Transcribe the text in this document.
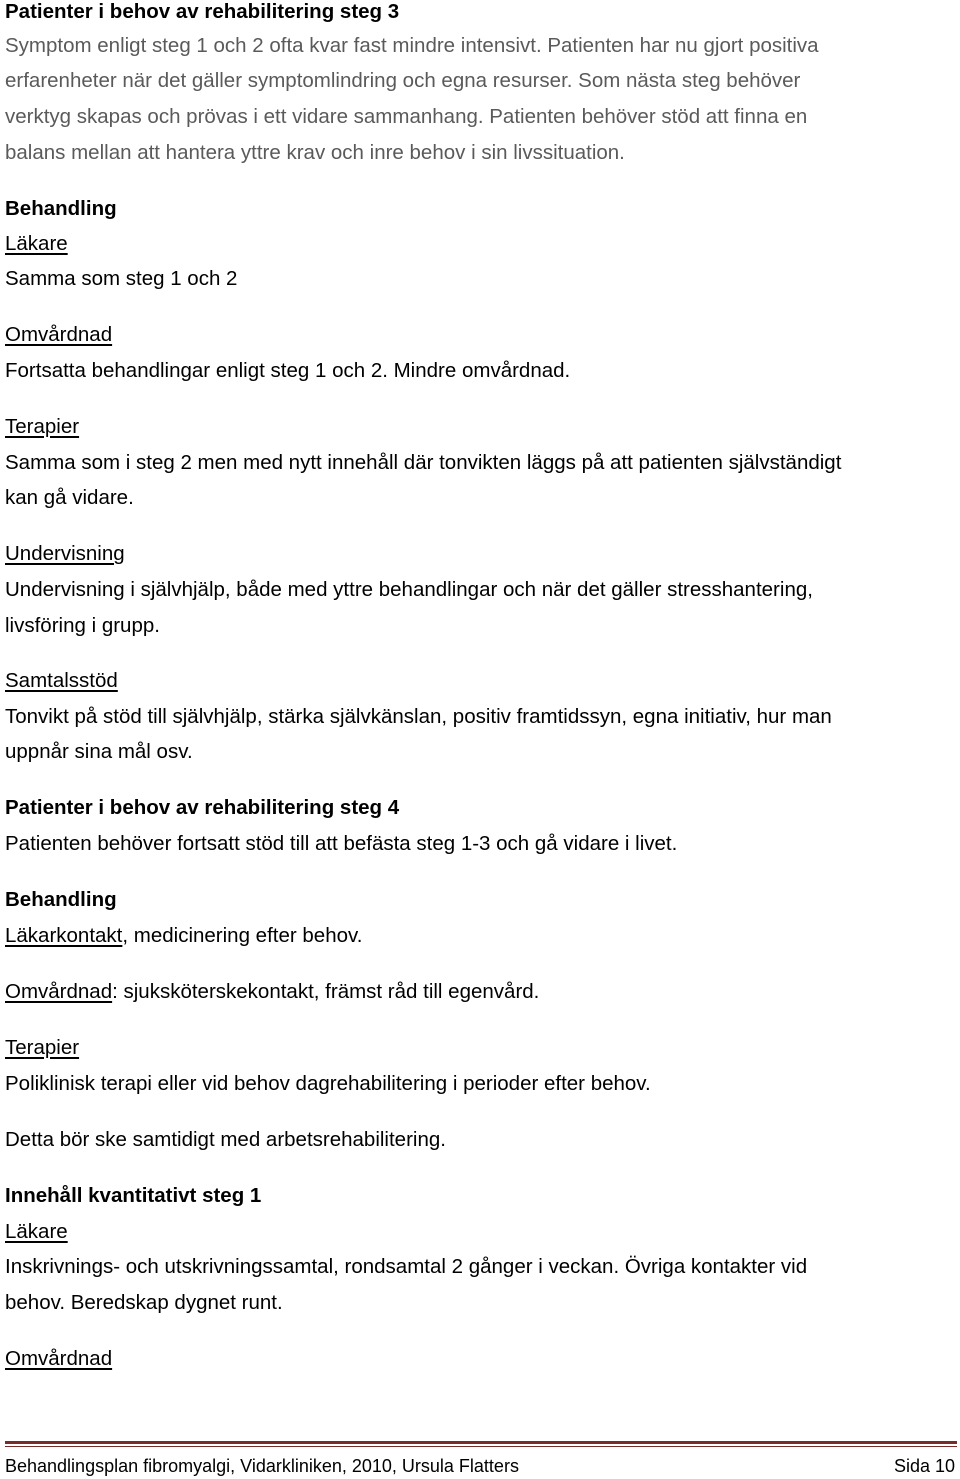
Patienter i behov av rehabilitering steg 3
Symptom enligt steg 1 och 2 ofta kvar fast mindre intensivt. Patienten har nu gjort positiva
erfarenheter när det gäller symptomlindring och egna resurser. Som nästa steg behöver
verktyg skapas och prövas i ett vidare sammanhang. Patienten behöver stöd att finna en
balans mellan att hantera yttre krav och inre behov i sin livssituation.
Behandling
Läkare
Samma som steg 1 och 2
Omvårdnad
Fortsatta behandlingar enligt steg 1 och 2. Mindre omvårdnad.
Terapier
Samma som i steg 2 men med nytt innehåll där tonvikten läggs på att patienten självständigt
kan gå vidare.
Undervisning
Undervisning i självhjälp, både med yttre behandlingar och när det gäller stresshantering,
livsföring i grupp.
Samtalsstöd
Tonvikt på stöd till självhjälp, stärka självkänslan, positiv framtidssyn, egna initiativ, hur man
uppnår sina mål osv.
Patienter i behov av rehabilitering steg 4
Patienten behöver fortsatt stöd till att befästa steg 1-3 och gå vidare i livet.
Behandling
Läkarkontakt, medicinering efter behov.
Omvårdnad: sjuksköterskekontakt, främst råd till egenvård.
Terapier
Poliklinisk terapi eller vid behov dagrehabilitering i perioder efter behov.
Detta bör ske samtidigt med arbetsrehabilitering.
Innehåll kvantitativt steg 1
Läkare
Inskrivnings- och utskrivningssamtal, rondsamtal 2 gånger i veckan. Övriga kontakter vid
behov. Beredskap dygnet runt.
Omvårdnad
Behandlingsplan fibromyalgi, Vidarkliniken, 2010, Ursula Flatters	Sida 10
